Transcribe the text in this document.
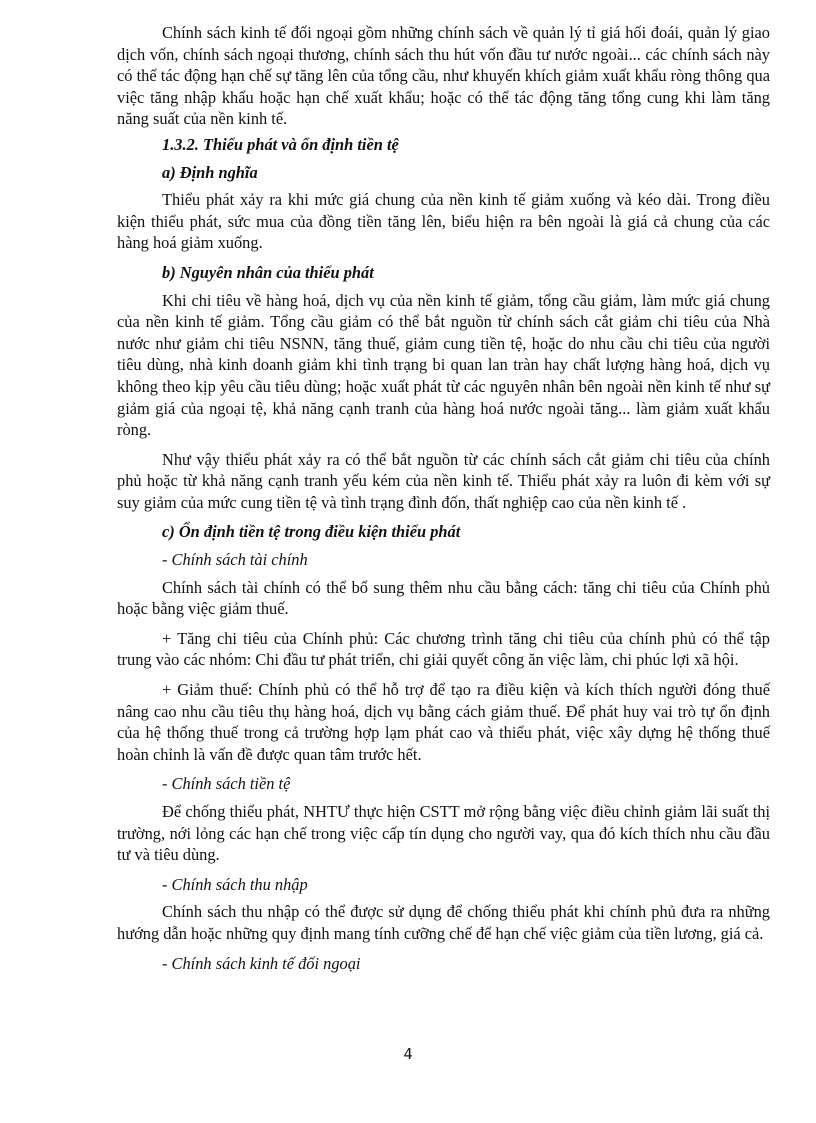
Chính sách kinh tế đối ngoại gồm những chính sách về quản lý tỉ giá hối đoái, quản lý giao dịch vốn, chính sách ngoại thương, chính sách thu hút vốn đầu tư nước ngoài... các chính sách này có thể tác động hạn chế sự tăng lên của tổng cầu, như khuyến khích giảm xuất khẩu ròng thông qua việc tăng nhập khẩu hoặc hạn chế xuất khẩu; hoặc có thể tác động tăng tổng cung khi làm tăng năng suất của nền kinh tế.

1.3.2. Thiểu phát và ổn định tiền tệ

a) Định nghĩa

Thiểu phát xảy ra khi mức giá chung của nền kinh tế giảm xuống và kéo dài. Trong điều kiện thiểu phát, sức mua của đồng tiền tăng lên, biểu hiện ra bên ngoài là giá cả chung của các hàng hoá giảm xuống.

b) Nguyên nhân của thiểu phát

Khi chi tiêu về hàng hoá, dịch vụ của nền kinh tế giảm, tổng cầu giảm, làm mức giá chung của nền kinh tế giảm. Tổng cầu giảm có thể bắt nguồn từ chính sách cắt giảm chi tiêu của Nhà nước như giảm chi tiêu NSNN, tăng thuế, giảm cung tiền tệ, hoặc do nhu cầu chi tiêu của người tiêu dùng, nhà kinh doanh giảm khi tình trạng bi quan lan tràn hay chất lượng hàng hoá, dịch vụ không theo kịp yêu cầu tiêu dùng; hoặc xuất phát từ các nguyên nhân bên ngoài nền kinh tế như sự giảm giá của ngoại tệ, khả năng cạnh tranh của hàng hoá nước ngoài tăng... làm giảm xuất khẩu ròng.

Như vậy thiểu phát xảy ra có thể bắt nguồn từ các chính sách cắt giảm chi tiêu của chính phủ hoặc từ khả năng cạnh tranh yếu kém của nền kinh tế. Thiểu phát xảy ra luôn đi kèm với sự suy giảm của mức cung tiền tệ và tình trạng đình đốn, thất nghiệp cao của nền kinh tế .

c) Ổn định tiền tệ trong điều kiện thiểu phát

- Chính sách tài chính

Chính sách tài chính có thể bổ sung thêm nhu cầu bằng cách: tăng chi tiêu của Chính phủ hoặc bằng việc giảm thuế.

+ Tăng chi tiêu của Chính phủ: Các chương trình tăng chi tiêu của chính phủ có thể tập trung vào các nhóm: Chi đầu tư phát triển, chi giải quyết công ăn việc làm, chi phúc lợi xã hội.

+ Giảm thuế: Chính phủ có thể hỗ trợ để tạo ra điều kiện và kích thích người đóng thuế nâng cao nhu cầu tiêu thụ hàng hoá, dịch vụ bằng cách giảm thuế. Để phát huy vai trò tự ổn định của hệ thống thuế trong cả trường hợp lạm phát cao và thiểu phát, việc xây dựng hệ thống thuế hoàn chỉnh là vấn đề được quan tâm trước hết.

- Chính sách tiền tệ

Để chống thiểu phát, NHTƯ thực hiện CSTT mở rộng bằng việc điều chỉnh giảm lãi suất thị trường, nới lỏng các hạn chế trong việc cấp tín dụng cho người vay, qua đó kích thích nhu cầu đầu tư và tiêu dùng.

- Chính sách thu nhập

Chính sách thu nhập có thể được sử dụng để chống thiểu phát khi chính phủ đưa ra những hướng dẫn hoặc những quy định mang tính cưỡng chế để hạn chế việc giảm của tiền lương, giá cả.

- Chính sách kinh tế đối ngoại

4
